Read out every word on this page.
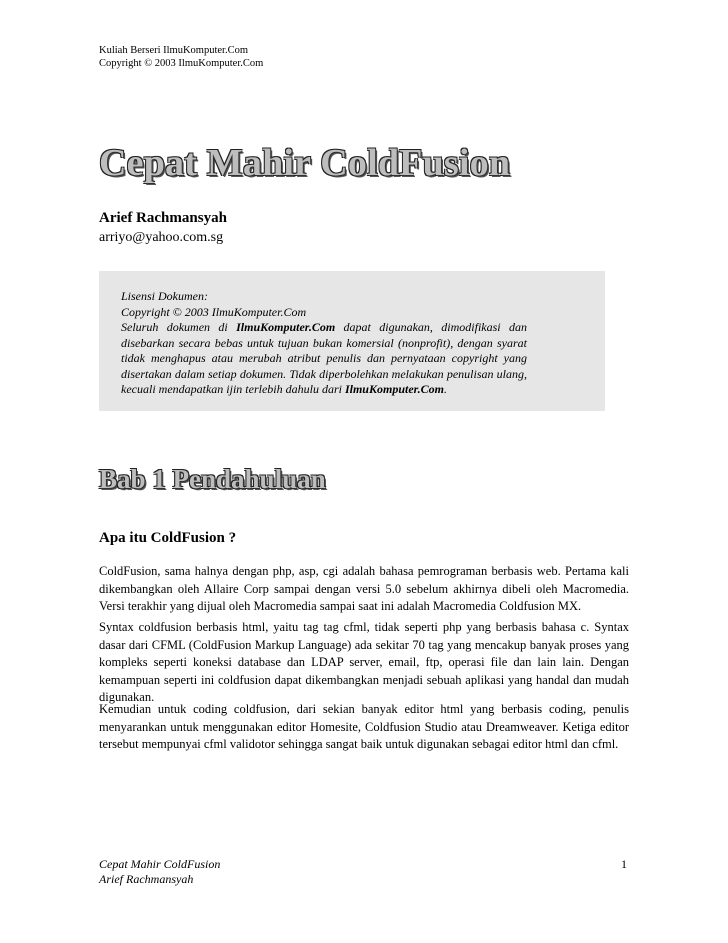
Kuliah Berseri IlmuKomputer.Com
Copyright © 2003 IlmuKomputer.Com
Cepat Mahir ColdFusion
Arief Rachmansyah
arriyo@yahoo.com.sg
Lisensi Dokumen:
Copyright © 2003 IlmuKomputer.Com
Seluruh dokumen di IlmuKomputer.Com dapat digunakan, dimodifikasi dan disebarkan secara bebas untuk tujuan bukan komersial (nonprofit), dengan syarat tidak menghapus atau merubah atribut penulis dan pernyataan copyright yang disertakan dalam setiap dokumen. Tidak diperbolehkan melakukan penulisan ulang, kecuali mendapatkan ijin terlebih dahulu dari IlmuKomputer.Com.
Bab 1 Pendahuluan
Apa itu ColdFusion ?

ColdFusion, sama halnya dengan php, asp, cgi adalah bahasa pemrograman berbasis web. Pertama kali dikembangkan oleh Allaire Corp sampai dengan versi 5.0 sebelum akhirnya dibeli oleh Macromedia. Versi terakhir yang dijual oleh Macromedia sampai saat ini adalah Macromedia Coldfusion MX.

Syntax coldfusion berbasis html, yaitu tag tag cfml, tidak seperti php yang berbasis bahasa c. Syntax dasar dari CFML (ColdFusion Markup Language) ada sekitar 70 tag yang mencakup banyak proses yang kompleks seperti koneksi database dan LDAP server, email, ftp, operasi file dan lain lain. Dengan kemampuan seperti ini coldfusion dapat dikembangkan menjadi sebuah aplikasi yang handal dan mudah digunakan.

Kemudian untuk coding coldfusion, dari sekian banyak editor html yang berbasis coding, penulis menyarankan untuk menggunakan editor Homesite, Coldfusion Studio atau Dreamweaver. Ketiga editor tersebut mempunyai cfml validotor sehingga sangat baik untuk digunakan sebagai editor html dan cfml.

Cepat Mahir ColdFusion
Arief Rachmansyah
1
